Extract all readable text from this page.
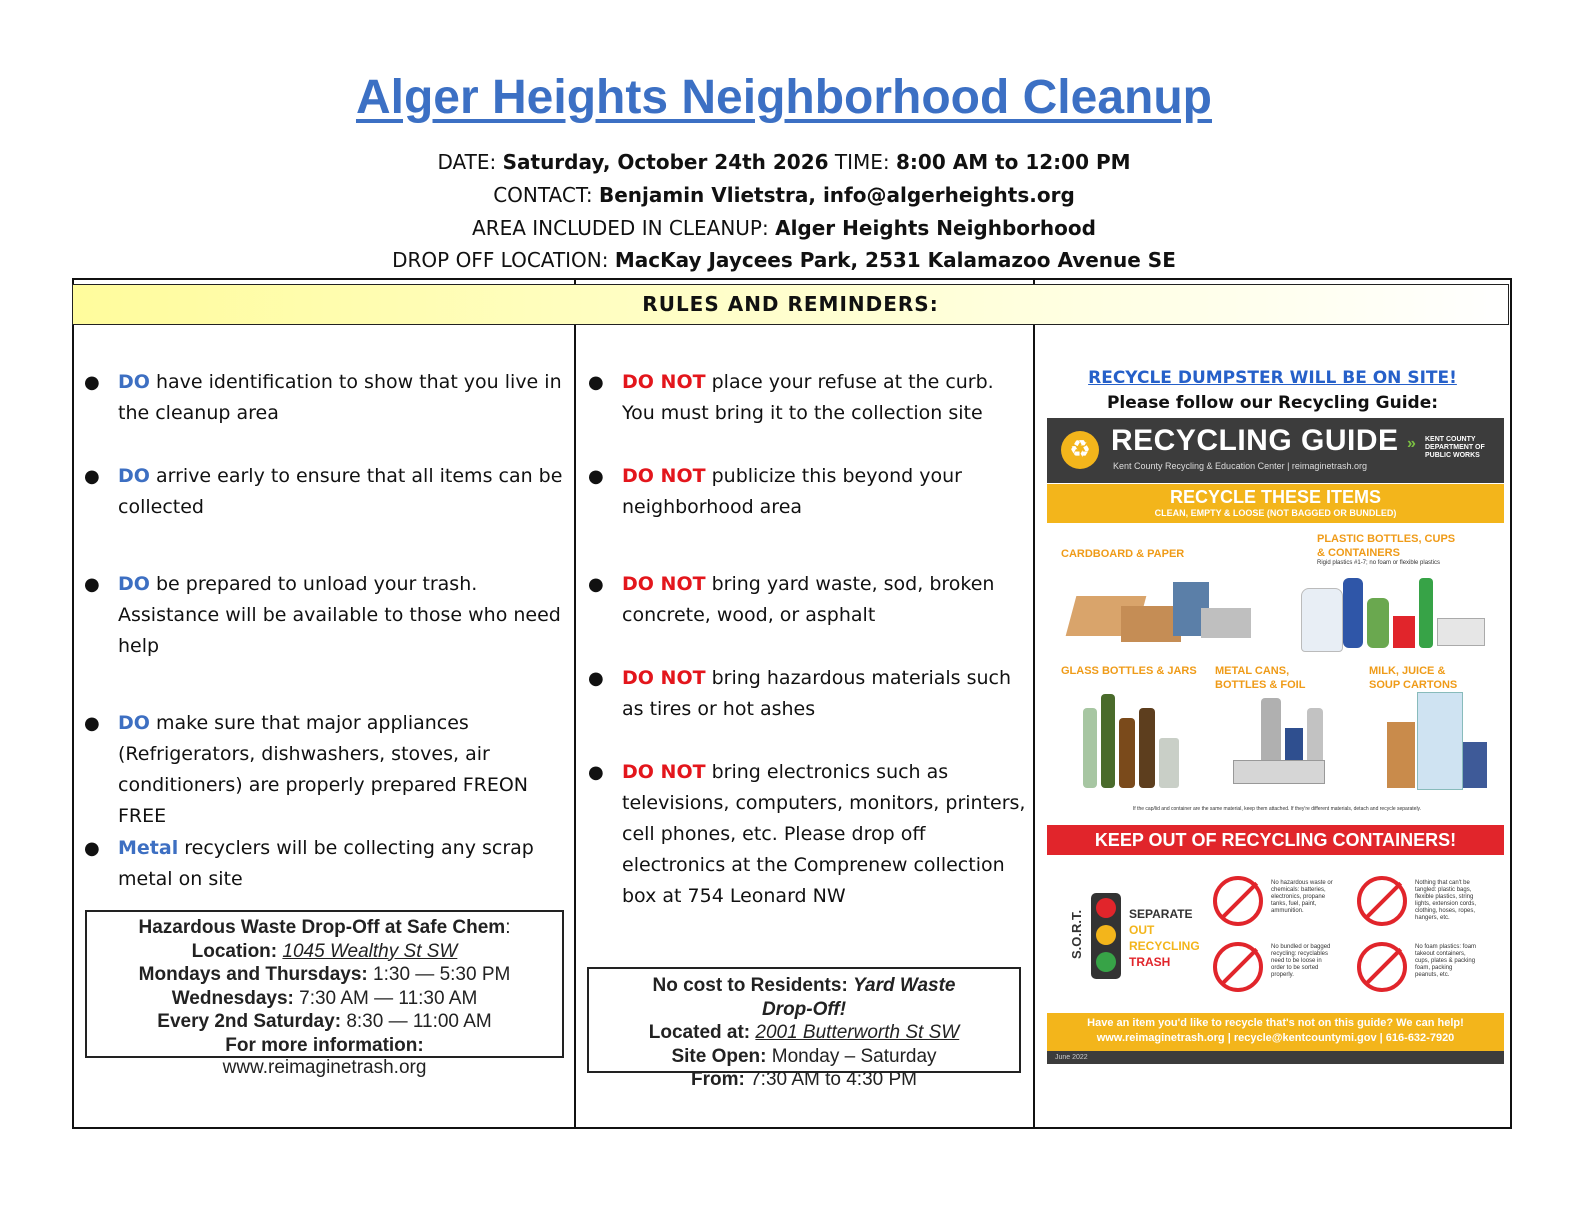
Alger Heights Neighborhood Cleanup
DATE: Saturday, October 24th 2026 TIME: 8:00 AM to 12:00 PM
CONTACT: Benjamin Vlietstra, info@algerheights.org
AREA INCLUDED IN CLEANUP: Alger Heights Neighborhood
DROP OFF LOCATION: MacKay Jaycees Park, 2531 Kalamazoo Avenue SE
RULES AND REMINDERS:
● DO have identification to show that you live in the cleanup area
● DO arrive early to ensure that all items can be collected
● DO be prepared to unload your trash. Assistance will be available to those who need help
● DO make sure that major appliances (Refrigerators, dishwashers, stoves, air conditioners) are properly prepared FREON FREE
● Metal recyclers will be collecting any scrap metal on site
Hazardous Waste Drop-Off at Safe Chem:
Location: 1045 Wealthy St SW
Mondays and Thursdays: 1:30 — 5:30 PM
Wednesdays: 7:30 AM — 11:30 AM
Every 2nd Saturday: 8:30 — 11:00 AM
For more information:
www.reimaginetrash.org
● DO NOT place your refuse at the curb. You must bring it to the collection site
● DO NOT publicize this beyond your neighborhood area
● DO NOT bring yard waste, sod, broken concrete, wood, or asphalt
● DO NOT bring hazardous materials such as tires or hot ashes
● DO NOT bring electronics such as televisions, computers, monitors, printers, cell phones, etc. Please drop off electronics at the Comprenew collection box at 754 Leonard NW
No cost to Residents: Yard Waste
Drop-Off!
Located at: 2001 Butterworth St SW
Site Open: Monday – Saturday
From: 7:30 AM to 4:30 PM
RECYCLE DUMPSTER WILL BE ON SITE!
Please follow our Recycling Guide:
♻ RECYCLING GUIDE
Kent County Recycling & Education Center | reimaginetrash.org
» KENT COUNTY DEPARTMENT OF PUBLIC WORKS
RECYCLE THESE ITEMS
CLEAN, EMPTY & LOOSE (NOT BAGGED OR BUNDLED)
CARDBOARD & PAPER
PLASTIC BOTTLES, CUPS & CONTAINERS
Rigid plastics #1-7; no foam or flexible plastics
GLASS BOTTLES & JARS METAL CANS, BOTTLES & FOIL
MILK, JUICE & SOUP CARTONS
If the cap/lid and container are the same material, keep them attached. If they're different materials, detach and recycle separately.
KEEP OUT OF RECYCLING CONTAINERS!
S.O.R.T.	SEPARATE
OUT
RECYCLING
TRASH
No hazardous waste or chemicals: batteries, electronics, propane tanks, fuel, paint, ammunition.
Nothing that can't be tangled: plastic bags, flexible plastics, string lights, extension cords, clothing, hoses, ropes, hangers, etc.
No bundled or bagged recycling: recyclables need to be loose in order to be sorted properly.
No foam plastics: foam takeout containers, cups, plates & packing foam, packing peanuts, etc.
Have an item you'd like to recycle that's not on this guide? We can help!
www.reimaginetrash.org | recycle@kentcountymi.gov | 616-632-7920
June 2022
